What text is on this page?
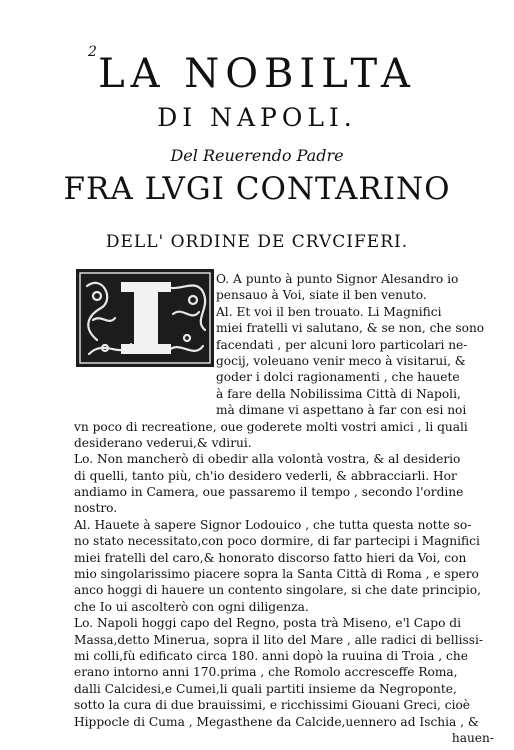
2 LA NOBILTA
DI NAPOLI.
Del Reuerendo Padre
FRA LVGI CONTARINO
DELL' ORDINE DE CRVCIFERI.
O. A punto à punto Signor Alesandro io
pensauo à Voi, siate il ben venuto.
Al. Et voi il ben trouato. Li Magnifici
miei fratelli vi salutano, & se non, che sono
facendati , per alcuni loro particolari ne-
gocij, voleuano venir meco à visitarui, &
goder i dolci ragionamenti , che hauete
à fare della Nobilissima Città di Napoli,
mà dimane vi aspettano à far con esi noi
vn poco di recreatione, oue goderete molti vostri amici , li quali
desideranο vederui,& vdirui.
Lo. Non mancherò di obedir alla volontà vostra, & al desiderio
di quelli, tanto più, ch'io desidero vederli, & abbracciarli. Hor
andiamo in Camera, oue passaremo il tempo , secondo l'ordine
nostro.
Al. Hauete à sapere Signor Lodouico , che tutta questa notte so-
no stato necessitato,con poco dormire, di far partecipi i Magnifici
miei fratelli del caro,& honorato discorso fatto hieri da Voi, con
mio singolarissimo piacere sopra la Santa Città di Roma , e spero
anco hoggi di hauere un contento singolare, si che date principio,
che Io ui ascolterò con ogni diligenza.
Lo. Napoli hoggi capo del Regno, posta trà Miseno, e'l Capo di
Massa,detto Minerua, sopra il lito del Mare , alle radici di bellissi-
mi colli,fù edificato circa 180. anni dopò la ruuina di Troia , che
erano intorno anni 170.prima , che Romolo accresceffe Roma,
dalli Calcidesi,e Cumei,li quali partiti insieme da Negroponte,
sotto la cura di due brauissimi, e ricchissimi Giouani Greci, cioè
Hippocle di Cuma , Megasthene da Calcide,uennero ad Ischia , &
hauen-
